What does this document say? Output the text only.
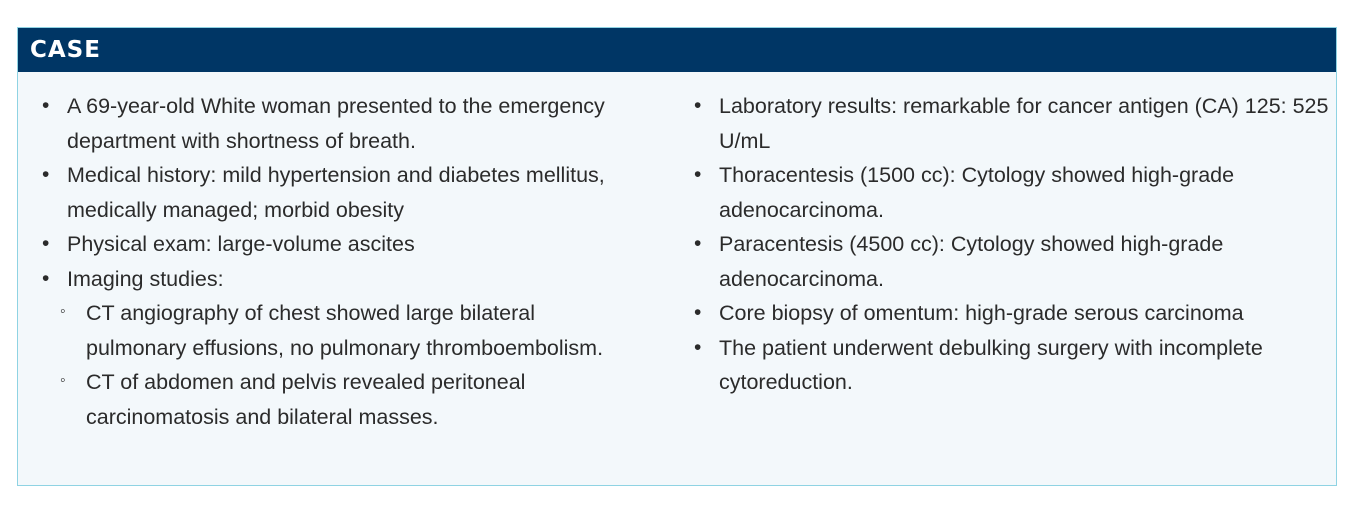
CASE
• A 69-year-old White woman presented to the emergency department with shortness of breath.
• Medical history: mild hypertension and diabetes mellitus, medically managed; morbid obesity
• Physical exam: large-volume ascites
• Imaging studies:
◦ CT angiography of chest showed large bilateral pulmonary effusions, no pulmonary thromboembolism.
◦ CT of abdomen and pelvis revealed peritoneal carcinomatosis and bilateral masses.
• Laboratory results: remarkable for cancer antigen (CA) 125: 525 U/mL
• Thoracentesis (1500 cc): Cytology showed high-grade adenocarcinoma.
• Paracentesis (4500 cc): Cytology showed high-grade adenocarcinoma.
• Core biopsy of omentum: high-grade serous carcinoma
• The patient underwent debulking surgery with incomplete cytoreduction.
